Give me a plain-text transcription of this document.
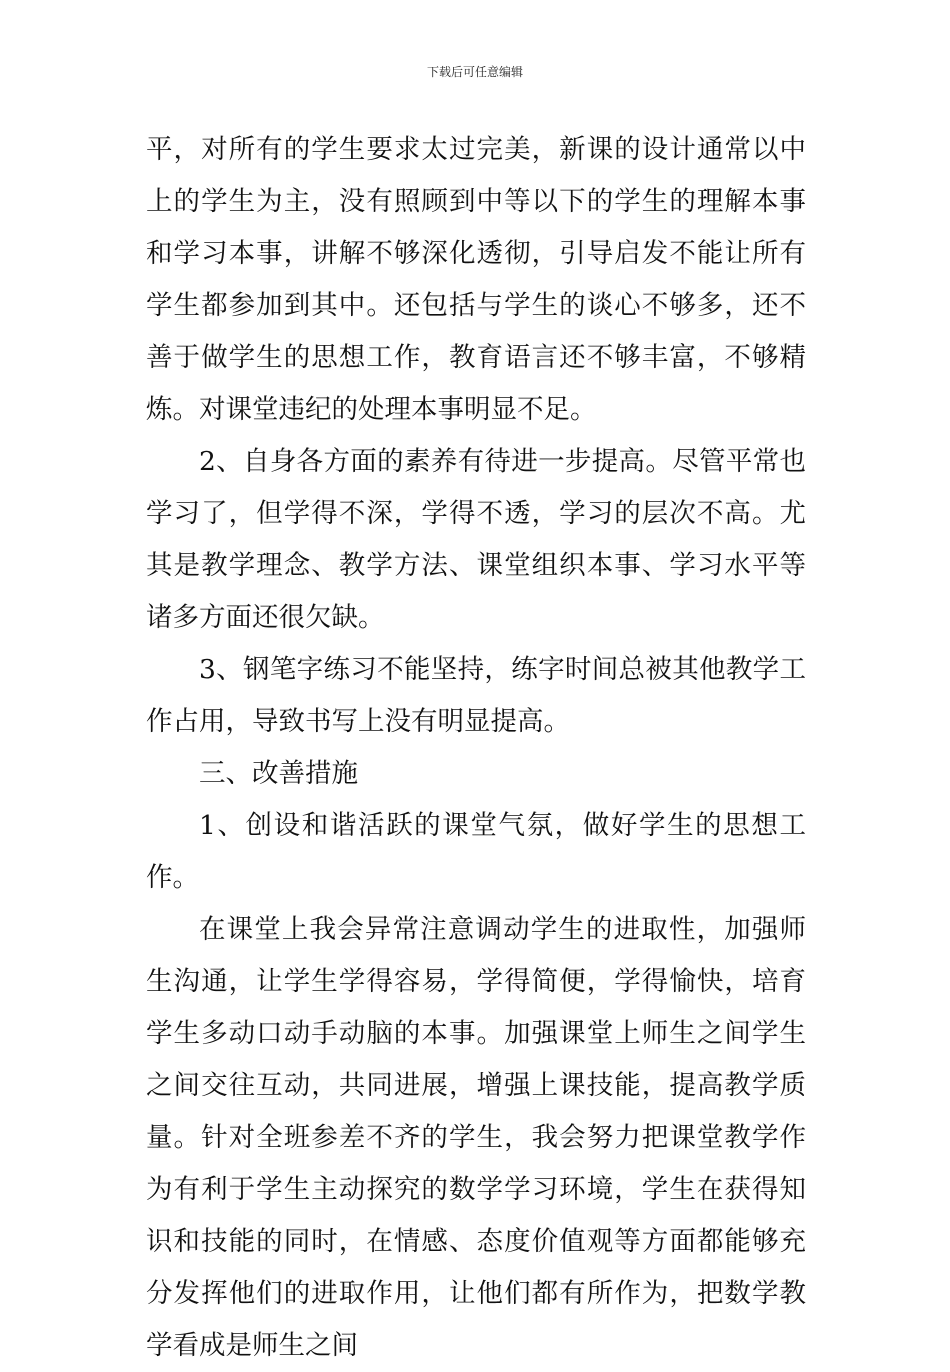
下载后可任意编辑

平，对所有的学生要求太过完美，新课的设计通常以中上的学生为主，没有照顾到中等以下的学生的理解本事和学习本事，讲解不够深化透彻，引导启发不能让所有学生都参加到其中。还包括与学生的谈心不够多，还不善于做学生的思想工作，教育语言还不够丰富，不够精炼。对课堂违纪的处理本事明显不足。

2、自身各方面的素养有待进一步提高。尽管平常也学习了，但学得不深，学得不透，学习的层次不高。尤其是教学理念、教学方法、课堂组织本事、学习水平等诸多方面还很欠缺。

3、钢笔字练习不能坚持，练字时间总被其他教学工作占用，导致书写上没有明显提高。

三、改善措施

1、创设和谐活跃的课堂气氛，做好学生的思想工作。

在课堂上我会异常注意调动学生的进取性，加强师生沟通，让学生学得容易，学得简便，学得愉快，培育学生多动口动手动脑的本事。加强课堂上师生之间学生之间交往互动，共同进展，增强上课技能，提高教学质量。针对全班参差不齐的学生，我会努力把课堂教学作为有利于学生主动探究的数学学习环境，学生在获得知识和技能的同时，在情感、态度价值观等方面都能够充分发挥他们的进取作用，让他们都有所作为，把数学教学看成是师生之间
